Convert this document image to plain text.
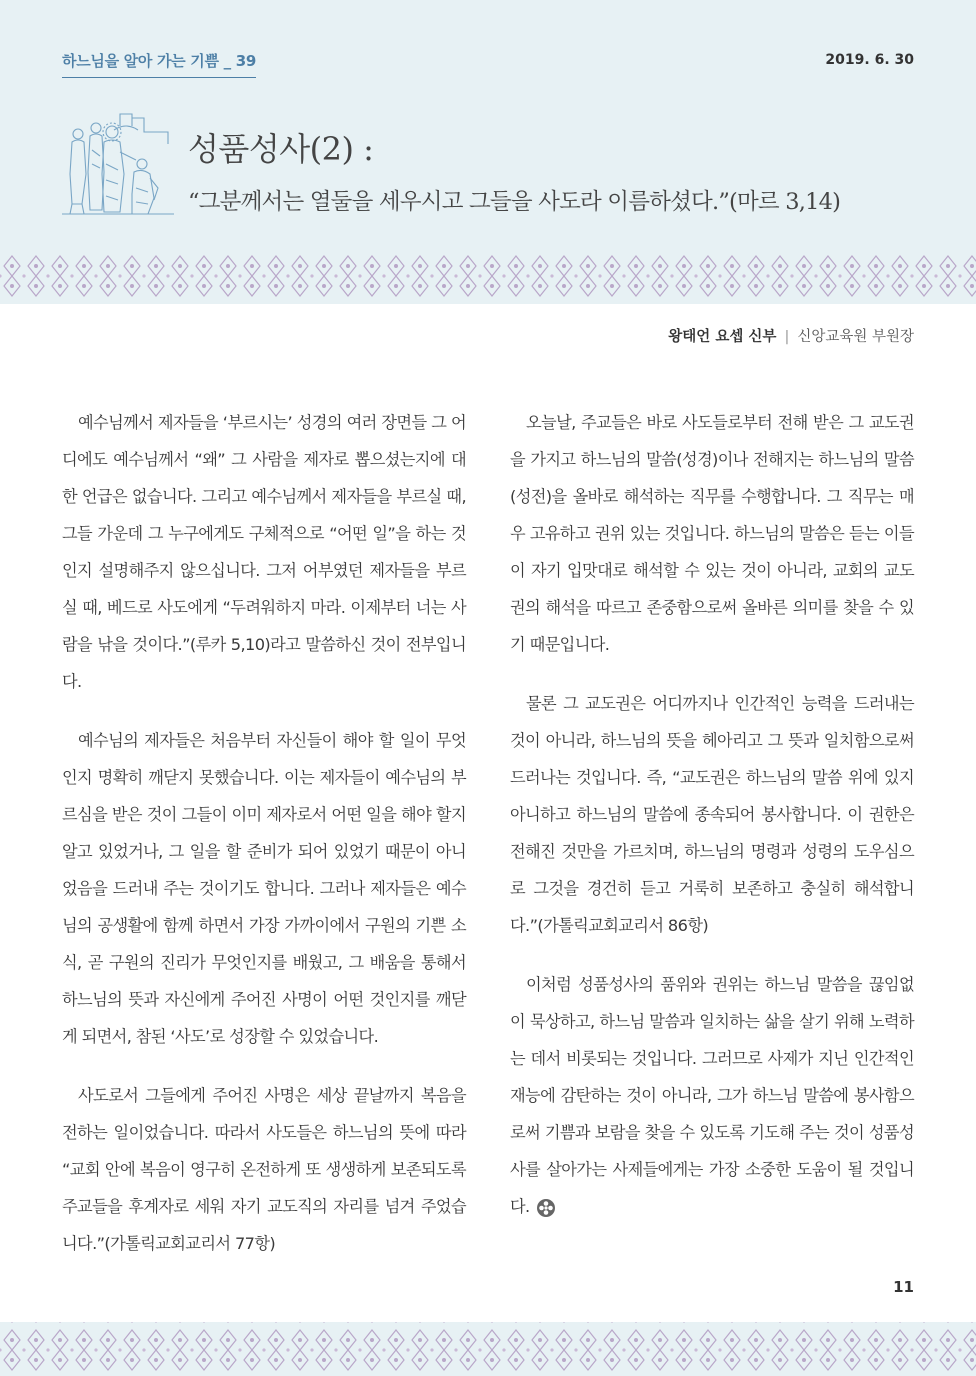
하느님을 알아 가는 기쁨 _ 39	2019. 6. 30
성품성사(2) :
“그분께서는 열둘을 세우시고 그들을 사도라 이름하셨다.”(마르 3,14)
왕태언 요셉 신부 | 신앙교육원 부원장

예수님께서 제자들을 ‘부르시는’ 성경의 여러 장면들 그 어디에도 예수님께서 “왜” 그 사람을 제자로 뽑으셨는지에 대한 언급은 없습니다. 그리고 예수님께서 제자들을 부르실 때, 그들 가운데 그 누구에게도 구체적으로 “어떤 일”을 하는 것인지 설명해주지 않으십니다. 그저 어부였던 제자들을 부르실 때, 베드로 사도에게 “두려워하지 마라. 이제부터 너는 사람을 낚을 것이다.”(루카 5,10)라고 말씀하신 것이 전부입니다.

예수님의 제자들은 처음부터 자신들이 해야 할 일이 무엇인지 명확히 깨닫지 못했습니다. 이는 제자들이 예수님의 부르심을 받은 것이 그들이 이미 제자로서 어떤 일을 해야 할지 알고 있었거나, 그 일을 할 준비가 되어 있었기 때문이 아니었음을 드러내 주는 것이기도 합니다. 그러나 제자들은 예수님의 공생활에 함께 하면서 가장 가까이에서 구원의 기쁜 소식, 곧 구원의 진리가 무엇인지를 배웠고, 그 배움을 통해서 하느님의 뜻과 자신에게 주어진 사명이 어떤 것인지를 깨닫게 되면서, 참된 ‘사도’로 성장할 수 있었습니다.

사도로서 그들에게 주어진 사명은 세상 끝날까지 복음을 전하는 일이었습니다. 따라서 사도들은 하느님의 뜻에 따라 “교회 안에 복음이 영구히 온전하게 또 생생하게 보존되도록 주교들을 후계자로 세워 자기 교도직의 자리를 넘겨 주었습니다.”(가톨릭교회교리서 77항)

오늘날, 주교들은 바로 사도들로부터 전해 받은 그 교도권을 가지고 하느님의 말씀(성경)이나 전해지는 하느님의 말씀(성전)을 올바로 해석하는 직무를 수행합니다. 그 직무는 매우 고유하고 권위 있는 것입니다. 하느님의 말씀은 듣는 이들이 자기 입맛대로 해석할 수 있는 것이 아니라, 교회의 교도권의 해석을 따르고 존중함으로써 올바른 의미를 찾을 수 있기 때문입니다.

물론 그 교도권은 어디까지나 인간적인 능력을 드러내는 것이 아니라, 하느님의 뜻을 헤아리고 그 뜻과 일치함으로써 드러나는 것입니다. 즉, “교도권은 하느님의 말씀 위에 있지 아니하고 하느님의 말씀에 종속되어 봉사합니다. 이 권한은 전해진 것만을 가르치며, 하느님의 명령과 성령의 도우심으로 그것을 경건히 듣고 거룩히 보존하고 충실히 해석합니다.”(가톨릭교회교리서 86항)

이처럼 성품성사의 품위와 권위는 하느님 말씀을 끊임없이 묵상하고, 하느님 말씀과 일치하는 삶을 살기 위해 노력하는 데서 비롯되는 것입니다. 그러므로 사제가 지닌 인간적인 재능에 감탄하는 것이 아니라, 그가 하느님 말씀에 봉사함으로써 기쁨과 보람을 찾을 수 있도록 기도해 주는 것이 성품성사를 살아가는 사제들에게는 가장 소중한 도움이 될 것입니다.

11
